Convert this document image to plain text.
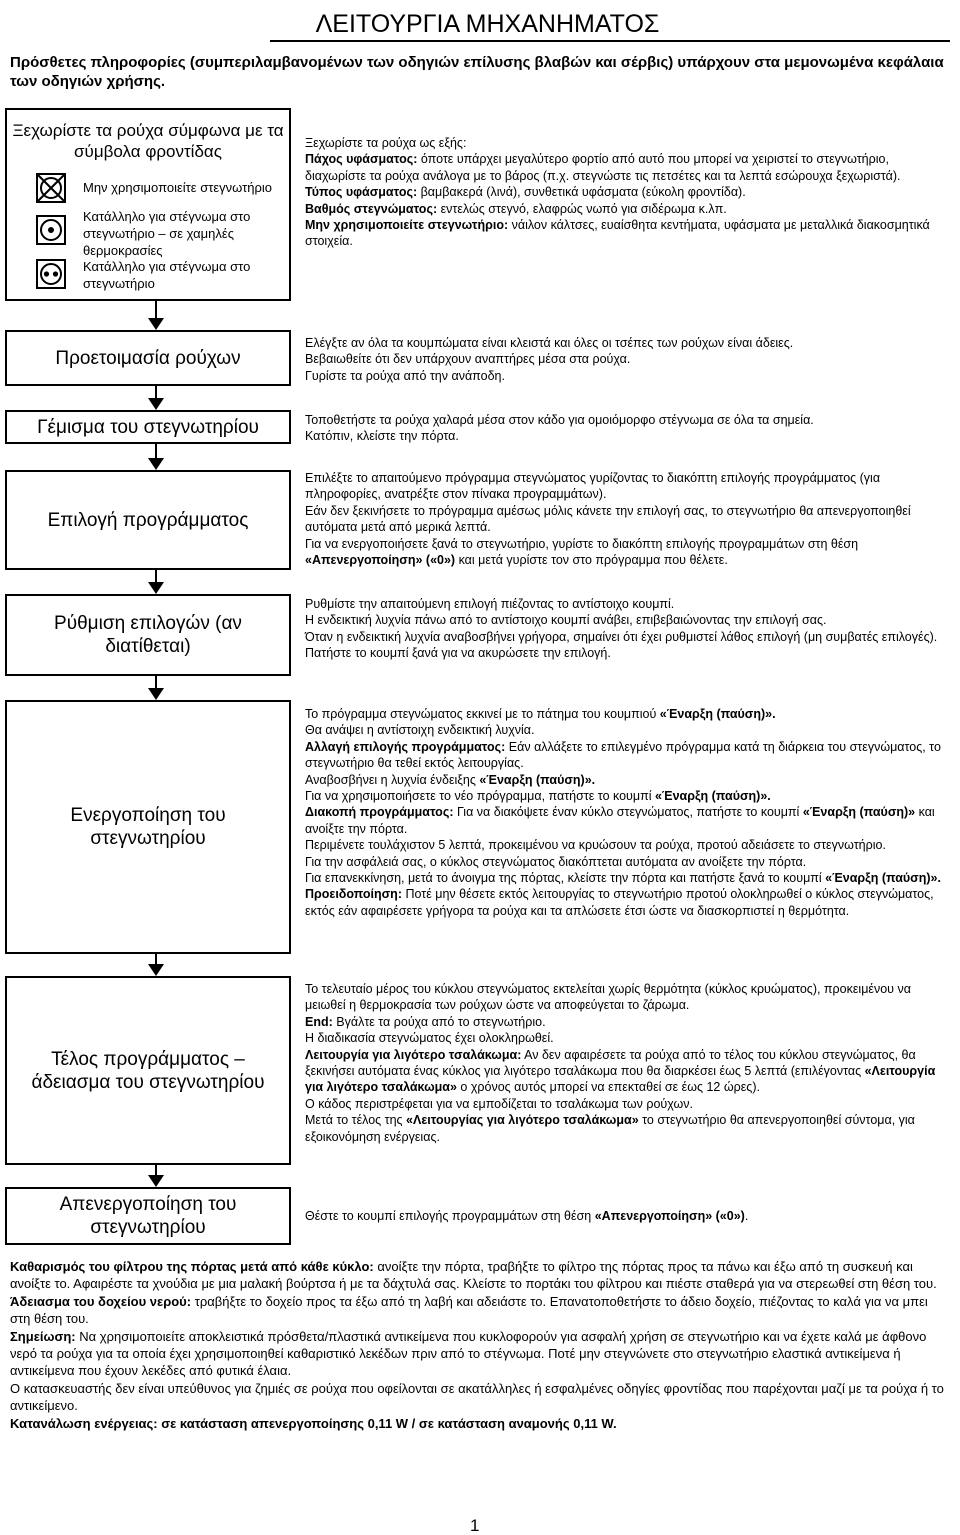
ΛΕΙΤΟΥΡΓΙΑ ΜΗΧΑΝΗΜΑΤΟΣ
Πρόσθετες πληροφορίες (συμπεριλαμβανομένων των οδηγιών επίλυσης βλαβών και σέρβις) υπάρχουν στα μεμονωμένα κεφάλαια των οδηγιών χρήσης.
Ξεχωρίστε τα ρούχα σύμφωνα με τα σύμβολα φροντίδας
Μην χρησιμοποιείτε στεγνωτήριο
Κατάλληλο για στέγνωμα στο στεγνωτήριο – σε χαμηλές θερμοκρασίες
Κατάλληλο για στέγνωμα στο στεγνωτήριο

Ξεχωρίστε τα ρούχα ως εξής:

Πάχος υφάσματος: όποτε υπάρχει μεγαλύτερο φορτίο από αυτό που μπορεί να χειριστεί το στεγνωτήριο, διαχωρίστε τα ρούχα ανάλογα με το βάρος (π.χ. στεγνώστε τις πετσέτες και τα λεπτά εσώρουχα ξεχωριστά).

Τύπος υφάσματος: βαμβακερά (λινά), συνθετικά υφάσματα (εύκολη φροντίδα).

Βαθμός στεγνώματος: εντελώς στεγνό, ελαφρώς νωπό για σιδέρωμα κ.λπ.

Μην χρησιμοποιείτε στεγνωτήριο: νάιλον κάλτσες, ευαίσθητα κεντήματα, υφάσματα με μεταλλικά διακοσμητικά στοιχεία.

Προετοιμασία ρούχων
Γέμισμα του στεγνωτηρίου
Επιλογή προγράμματος
Ρύθμιση επιλογών (αν διατίθεται)
Ενεργοποίηση του στεγνωτηρίου
Τέλος προγράμματος – άδειασμα του στεγνωτηρίου
Απενεργοποίηση του στεγνωτηρίου

Ελέγξτε αν όλα τα κουμπώματα είναι κλειστά και όλες οι τσέπες των ρούχων είναι άδειες.

Βεβαιωθείτε ότι δεν υπάρχουν αναπτήρες μέσα στα ρούχα.

Γυρίστε τα ρούχα από την ανάποδη.

Τοποθετήστε τα ρούχα χαλαρά μέσα στον κάδο για ομοιόμορφο στέγνωμα σε όλα τα σημεία.

Κατόπιν, κλείστε την πόρτα.

Επιλέξτε το απαιτούμενο πρόγραμμα στεγνώματος γυρίζοντας το διακόπτη επιλογής προγράμματος (για πληροφορίες, ανατρέξτε στον πίνακα προγραμμάτων).

Εάν δεν ξεκινήσετε το πρόγραμμα αμέσως μόλις κάνετε την επιλογή σας, το στεγνωτήριο θα απενεργοποιηθεί αυτόματα μετά από μερικά λεπτά.

Για να ενεργοποιήσετε ξανά το στεγνωτήριο, γυρίστε το διακόπτη επιλογής προγραμμάτων στη θέση «Απενεργοποίηση» («0») και μετά γυρίστε τον στο πρόγραμμα που θέλετε.

Ρυθμίστε την απαιτούμενη επιλογή πιέζοντας το αντίστοιχο κουμπί.

Η ενδεικτική λυχνία πάνω από το αντίστοιχο κουμπί ανάβει, επιβεβαιώνοντας την επιλογή σας.

Όταν η ενδεικτική λυχνία αναβοσβήνει γρήγορα, σημαίνει ότι έχει ρυθμιστεί λάθος επιλογή (μη συμβατές επιλογές).

Πατήστε το κουμπί ξανά για να ακυρώσετε την επιλογή.

Το πρόγραμμα στεγνώματος εκκινεί με το πάτημα του κουμπιού «Έναρξη (παύση)».

Θα ανάψει η αντίστοιχη ενδεικτική λυχνία.

Αλλαγή επιλογής προγράμματος: Εάν αλλάξετε το επιλεγμένο πρόγραμμα κατά τη διάρκεια του στεγνώματος, το στεγνωτήριο θα τεθεί εκτός λειτουργίας.

Αναβοσβήνει η λυχνία ένδειξης «Έναρξη (παύση)».

Για να χρησιμοποιήσετε το νέο πρόγραμμα, πατήστε το κουμπί «Έναρξη (παύση)».

Διακοπή προγράμματος: Για να διακόψετε έναν κύκλο στεγνώματος, πατήστε το κουμπί «Έναρξη (παύση)» και ανοίξτε την πόρτα.

Περιμένετε τουλάχιστον 5 λεπτά, προκειμένου να κρυώσουν τα ρούχα, προτού αδειάσετε το στεγνωτήριο.

Για την ασφάλειά σας, ο κύκλος στεγνώματος διακόπτεται αυτόματα αν ανοίξετε την πόρτα.

Για επανεκκίνηση, μετά το άνοιγμα της πόρτας, κλείστε την πόρτα και πατήστε ξανά το κουμπί «Έναρξη (παύση)».

Προειδοποίηση: Ποτέ μην θέσετε εκτός λειτουργίας το στεγνωτήριο προτού ολοκληρωθεί ο κύκλος στεγνώματος, εκτός εάν αφαιρέσετε γρήγορα τα ρούχα και τα απλώσετε έτσι ώστε να διασκορπιστεί η θερμότητα.

Το τελευταίο μέρος του κύκλου στεγνώματος εκτελείται χωρίς θερμότητα (κύκλος κρυώματος), προκειμένου να μειωθεί η θερμοκρασία των ρούχων ώστε να αποφεύγεται το ζάρωμα.

End: Βγάλτε τα ρούχα από το στεγνωτήριο.

Η διαδικασία στεγνώματος έχει ολοκληρωθεί.

Λειτουργία για λιγότερο τσαλάκωμα: Αν δεν αφαιρέσετε τα ρούχα από το τέλος του κύκλου στεγνώματος, θα ξεκινήσει αυτόματα ένας κύκλος για λιγότερο τσαλάκωμα που θα διαρκέσει έως 5 λεπτά (επιλέγοντας «Λειτουργία για λιγότερο τσαλάκωμα» ο χρόνος αυτός μπορεί να επεκταθεί σε έως 12 ώρες).

Ο κάδος περιστρέφεται για να εμποδίζεται το τσαλάκωμα των ρούχων.

Μετά το τέλος της «Λειτουργίας για λιγότερο τσαλάκωμα» το στεγνωτήριο θα απενεργοποιηθεί σύντομα, για εξοικονόμηση ενέργειας.

Θέστε το κουμπί επιλογής προγραμμάτων στη θέση «Απενεργοποίηση» («0»).

Καθαρισμός του φίλτρου της πόρτας μετά από κάθε κύκλο: ανοίξτε την πόρτα, τραβήξτε το φίλτρο της πόρτας προς τα πάνω και έξω από τη συσκευή και ανοίξτε το. Αφαιρέστε τα χνούδια με μια μαλακή βούρτσα ή με τα δάχτυλά σας. Κλείστε το πορτάκι του φίλτρου και πιέστε σταθερά για να στερεωθεί στη θέση του.

Άδειασμα του δοχείου νερού: τραβήξτε το δοχείο προς τα έξω από τη λαβή και αδειάστε το. Επανατοποθετήστε το άδειο δοχείο, πιέζοντας το καλά για να μπει στη θέση του.

Σημείωση: Να χρησιμοποιείτε αποκλειστικά πρόσθετα/πλαστικά αντικείμενα που κυκλοφορούν για ασφαλή χρήση σε στεγνωτήριο και να έχετε καλά με άφθονο νερό τα ρούχα για τα οποία έχει χρησιμοποιηθεί καθαριστικό λεκέδων πριν από το στέγνωμα. Ποτέ μην στεγνώνετε στο στεγνωτήριο ελαστικά αντικείμενα ή αντικείμενα που έχουν λεκέδες από φυτικά έλαια.

Ο κατασκευαστής δεν είναι υπεύθυνος για ζημιές σε ρούχα που οφείλονται σε ακατάλληλες ή εσφαλμένες οδηγίες φροντίδας που παρέχονται μαζί με τα ρούχα ή το αντικείμενο.

Κατανάλωση ενέργειας: σε κατάσταση απενεργοποίησης 0,11 W / σε κατάσταση αναμονής 0,11 W.

1
